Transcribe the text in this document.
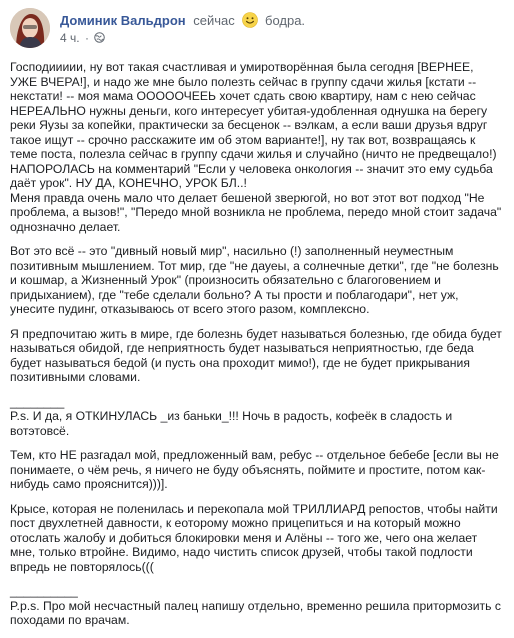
Доминик Вальдрон сейчас бодра.
4 ч. ·

Господиииии, ну вот такая счастливая и умиротворённая была сегодня [ВЕРНЕЕ, УЖЕ ВЧЕРА!], и надо же мне было полезть сейчас в группу сдачи жилья [кстати -- некстати! -- моя мама ОООООЧЕЕЬ хочет сдать свою квартиру, нам с нею сейчас НЕРЕАЛЬНО нужны деньги, кого интересует убитая-удобленная однушка на берегу реки Яузы за копейки, практически за бесценок -- вэлкам, а если ваши друзья вдруг такое ищут -- срочно расскажите им об этом варианте!], ну так вот, возвращаясь к теме поста, полезла сейчас в группу сдачи жилья и случайно (ничто не предвещало!) НАПОРОЛАСЬ на комментарий "Если у человека онкология -- значит это ему судьба даёт урок". НУ ДА, КОНЕЧНО, УРОК БЛ..!
Меня правда очень мало что делает бешеной зверюгой, но вот этот вот подход "Не проблема, а вызов!", "Передо мной возникла не проблема, передо мной стоит задача" однозначно делает.

Вот это всё -- это "дивный новый мир", насильно (!) заполненный неуместным позитивным мышлением. Тот мир, где "не дауеы, а солнечные детки", где "не болезнь и кошмар, а Жизненный Урок" (произносить обязательно с благоговением и придыханием), где "тебе сделали больно? А ты прости и поблагодари", нет уж, унесите пудинг, отказываюсь от всего этого разом, комплексно.

Я предпочитаю жить в мире, где болезнь будет называться болезнью, где обида будет называться обидой, где неприятность будет называться неприятностью, где беда будет называться бедой (и пусть она проходит мимо!), где не будет прикрывания позитивными словами.

________
P.s. И да, я ОТКИНУЛАСЬ _из баньки_!!! Ночь в радость, кофеёк в сладость и вотэтовсё.

Тем, кто НЕ разгадал мой, предложенный вам, ребус -- отдельное бебебе [если вы не понимаете, о чём речь, я ничего не буду объяснять, поймите и простите, потом как-нибудь само прояснится)))].

Крысе, которая не поленилась и перекопала мой ТРИЛЛИАРД репостов, чтобы найти пост двухлетней давности, к еоторому можно прицепиться и на который можно отослать жалобу и добиться блокировки меня и Алёны -- того же, чего она желает мне, только втройне. Видимо, надо чистить список друзей, чтобы такой подлости впредь не повторялось(((

__________
P.p.s. Про мой несчастный палец напишу отдельно, временно решила притормозить с походами по врачам.
